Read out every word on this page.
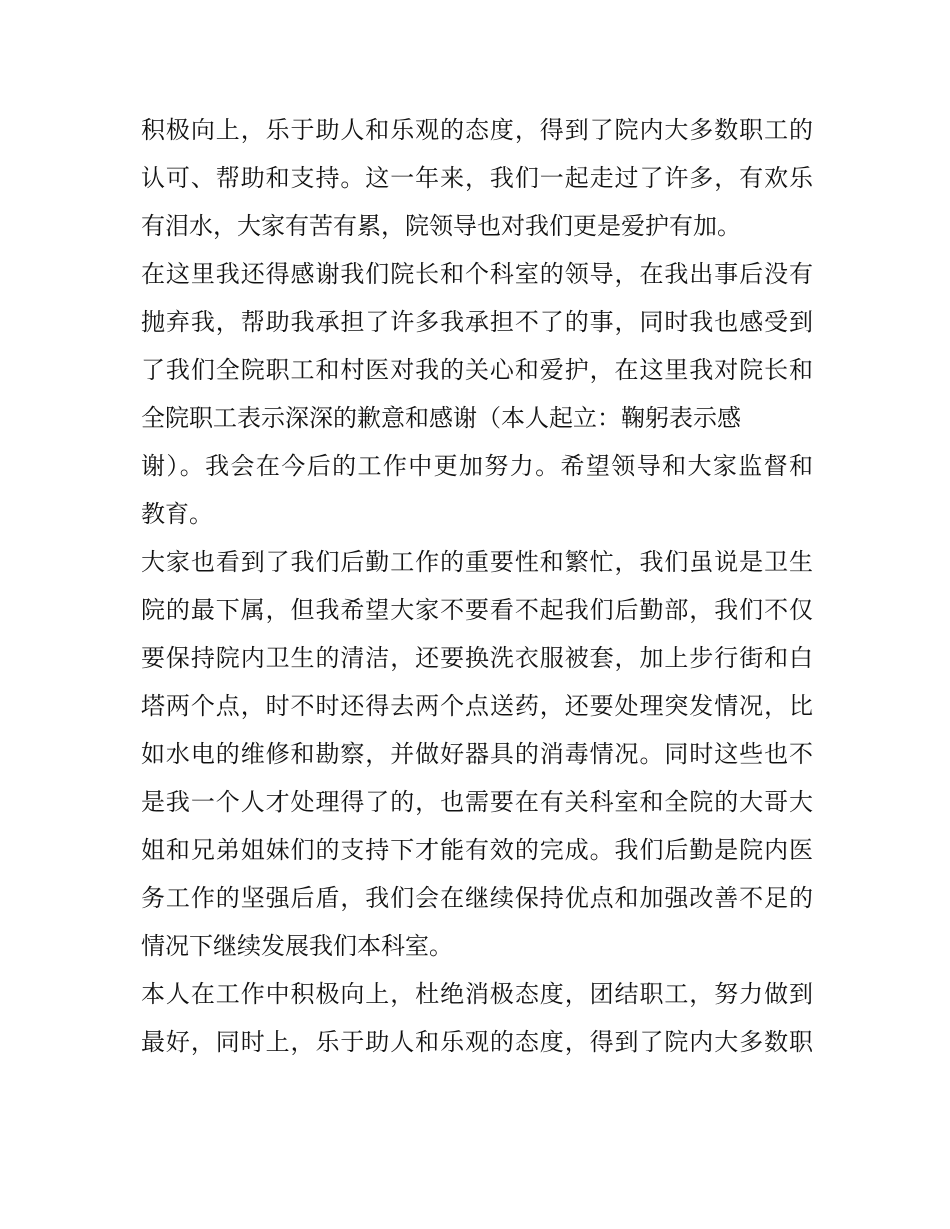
积极向上，乐于助人和乐观的态度，得到了院内大多数职工的
认可、帮助和支持。这一年来，我们一起走过了许多，有欢乐
有泪水，大家有苦有累，院领导也对我们更是爱护有加。
在这里我还得感谢我们院长和个科室的领导，在我出事后没有
抛弃我，帮助我承担了许多我承担不了的事，同时我也感受到
了我们全院职工和村医对我的关心和爱护，在这里我对院长和
全院职工表示深深的歉意和感谢（本人起立：鞠躬表示感
谢）。我会在今后的工作中更加努力。希望领导和大家监督和
教育。
大家也看到了我们后勤工作的重要性和繁忙，我们虽说是卫生
院的最下属，但我希望大家不要看不起我们后勤部，我们不仅
要保持院内卫生的清洁，还要换洗衣服被套，加上步行街和白
塔两个点，时不时还得去两个点送药，还要处理突发情况，比
如水电的维修和勘察，并做好器具的消毒情况。同时这些也不
是我一个人才处理得了的，也需要在有关科室和全院的大哥大
姐和兄弟姐妹们的支持下才能有效的完成。我们后勤是院内医
务工作的坚强后盾，我们会在继续保持优点和加强改善不足的
情况下继续发展我们本科室。
本人在工作中积极向上，杜绝消极态度，团结职工，努力做到
最好，同时上，乐于助人和乐观的态度，得到了院内大多数职
